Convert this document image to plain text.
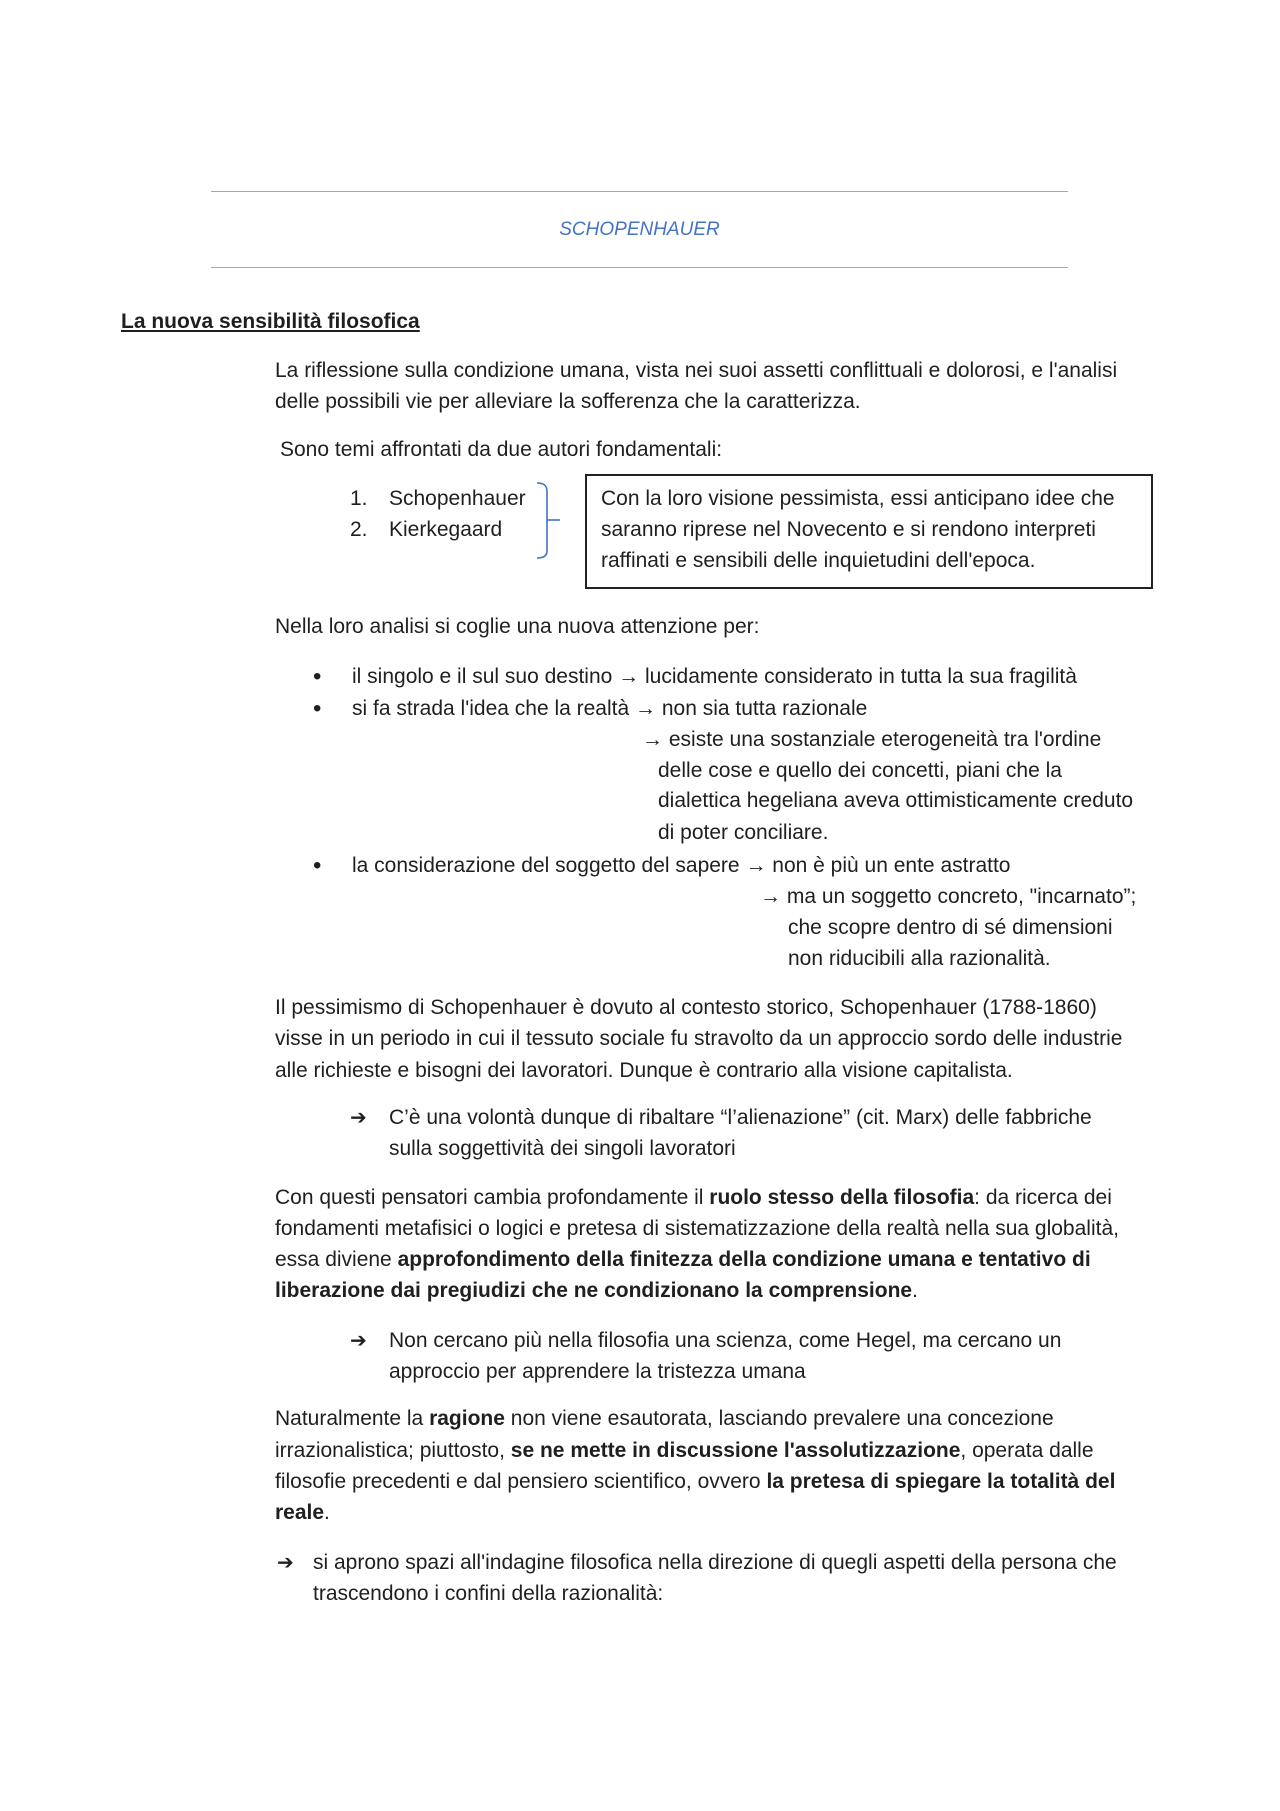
SCHOPENHAUER
La nuova sensibilità filosofica
La riflessione sulla condizione umana, vista nei suoi assetti conflittuali e dolorosi, e l'analisi
delle possibili vie per alleviare la sofferenza che la caratterizza.
Sono temi affrontati da due autori fondamentali:
1. Schopenhauer
2. Kierkegaard
Con la loro visione pessimista, essi anticipano idee che
saranno riprese nel Novecento e si rendono interpreti
raffinati e sensibili delle inquietudini dell'epoca.
Nella loro analisi si coglie una nuova attenzione per:
• il singolo e il sul suo destino → lucidamente considerato in tutta la sua fragilità
• si fa strada l'idea che la realtà → non sia tutta razionale
→ esiste una sostanziale eterogeneità tra l'ordine
delle cose e quello dei concetti, piani che la
dialettica hegeliana aveva ottimisticamente creduto
di poter conciliare.
• la considerazione del soggetto del sapere → non è più un ente astratto
→ ma un soggetto concreto, "incarnato”;
che scopre dentro di sé dimensioni
non riducibili alla razionalità.
Il pessimismo di Schopenhauer è dovuto al contesto storico, Schopenhauer (1788-1860)
visse in un periodo in cui il tessuto sociale fu stravolto da un approccio sordo delle industrie
alle richieste e bisogni dei lavoratori. Dunque è contrario alla visione capitalista.
➔ C’è una volontà dunque di ribaltare “l’alienazione” (cit. Marx) delle fabbriche
sulla soggettività dei singoli lavoratori
Con questi pensatori cambia profondamente il ruolo stesso della filosofia: da ricerca dei
fondamenti metafisici o logici e pretesa di sistematizzazione della realtà nella sua globalità,
essa diviene approfondimento della finitezza della condizione umana e tentativo di
liberazione dai pregiudizi che ne condizionano la comprensione.
➔ Non cercano più nella filosofia una scienza, come Hegel, ma cercano un
approccio per apprendere la tristezza umana
Naturalmente la ragione non viene esautorata, lasciando prevalere una concezione
irrazionalistica; piuttosto, se ne mette in discussione l'assolutizzazione, operata dalle
filosofie precedenti e dal pensiero scientifico, ovvero la pretesa di spiegare la totalità del
reale.
➔ si aprono spazi all'indagine filosofica nella direzione di quegli aspetti della persona che
trascendono i confini della razionalità:
